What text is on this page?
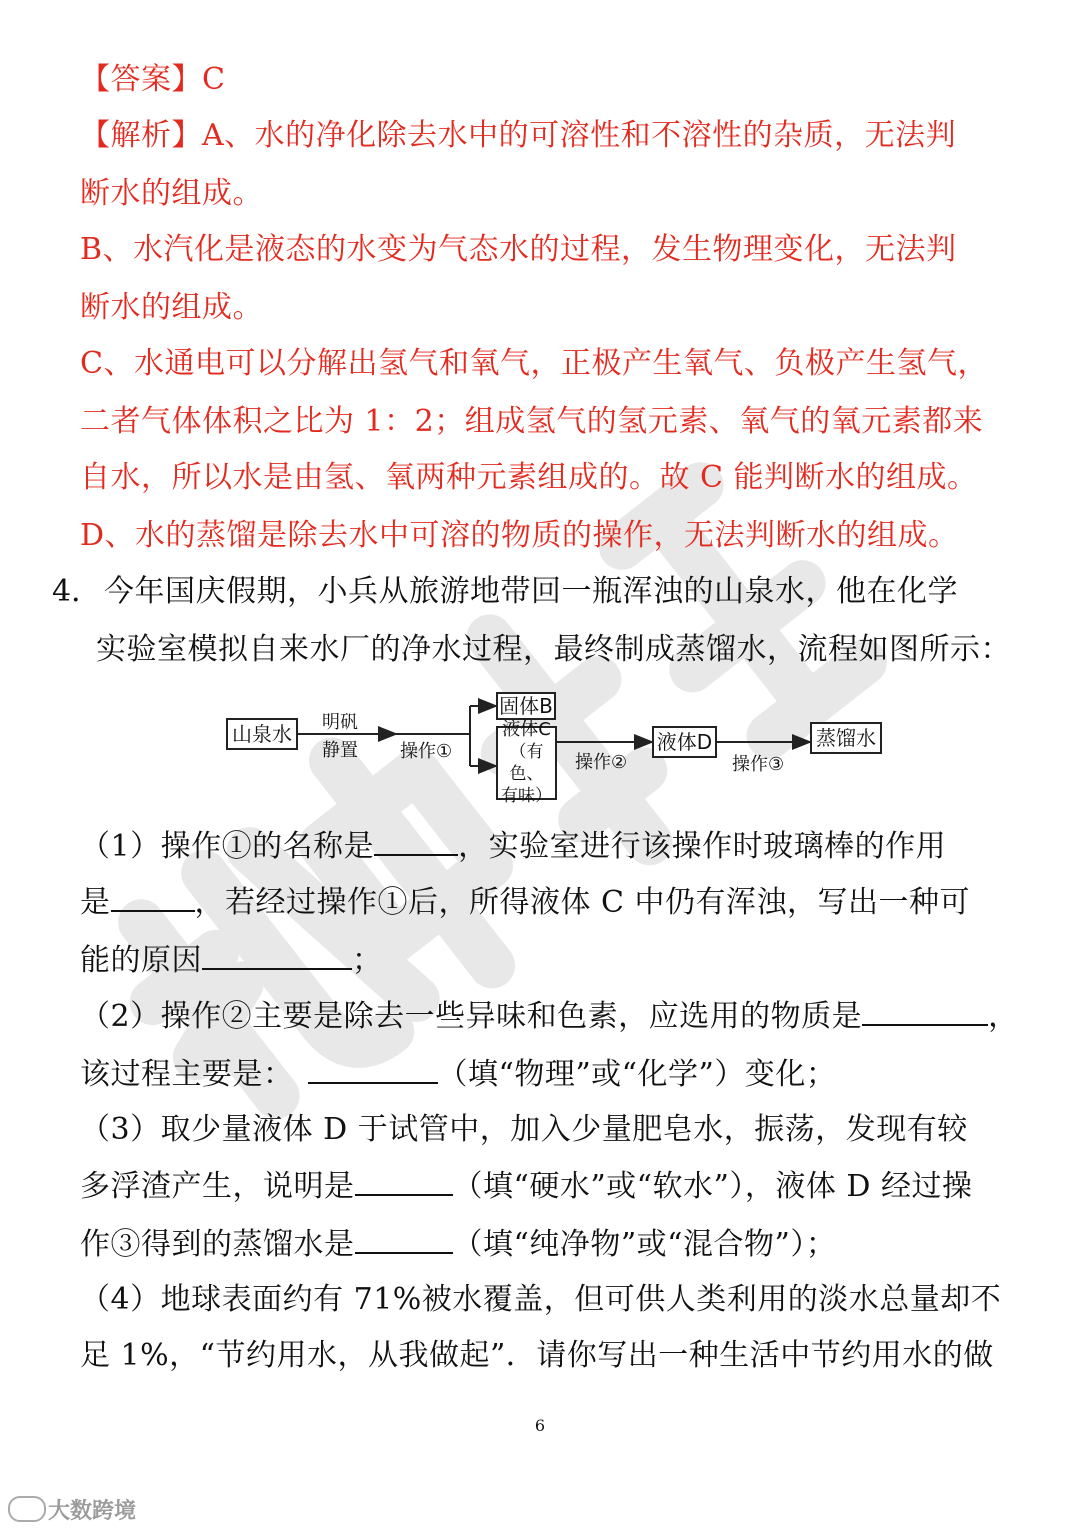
【答案】C
【解析】A、水的净化除去水中的可溶性和不溶性的杂质，无法判
断水的组成。
B、水汽化是液态的水变为气态水的过程，发生物理变化，无法判
断水的组成。
C、水通电可以分解出氢气和氧气，正极产生氧气、负极产生氢气，
二者气体体积之比为 1：2；组成氢气的氢元素、氧气的氧元素都来
自水，所以水是由氢、氧两种元素组成的。故 C 能判断水的组成。
D、水的蒸馏是除去水中可溶的物质的操作，无法判断水的组成。
4． 今年国庆假期，小兵从旅游地带回一瓶浑浊的山泉水，他在化学
实验室模拟自来水厂的净水过程，最终制成蒸馏水，流程如图所示：
山泉水	明矾
静置 操作①
固体B
液体C
（有色、
有味）
操作②
液体D
操作③
蒸馏水
（1）操作①的名称是	，实验室进行该操作时玻璃棒的作用
是	，若经过操作①后，所得液体 C 中仍有浑浊，写出一种可
能的原因	；
（2）操作②主要是除去一些异味和色素，应选用的物质是	，
该过程主要是：	（填“物理”或“化学”）变化；
（3）取少量液体 D 于试管中，加入少量肥皂水，振荡，发现有较
多浮渣产生，说明是	（填“硬水”或“软水”），液体 D 经过操
作③得到的蒸馏水是	（填“纯净物”或“混合物”）；
（4）地球表面约有 71%被水覆盖，但可供人类利用的淡水总量却不
足 1%，“节约用水，从我做起”．请你写出一种生活中节约用水的做
6
大数跨境
